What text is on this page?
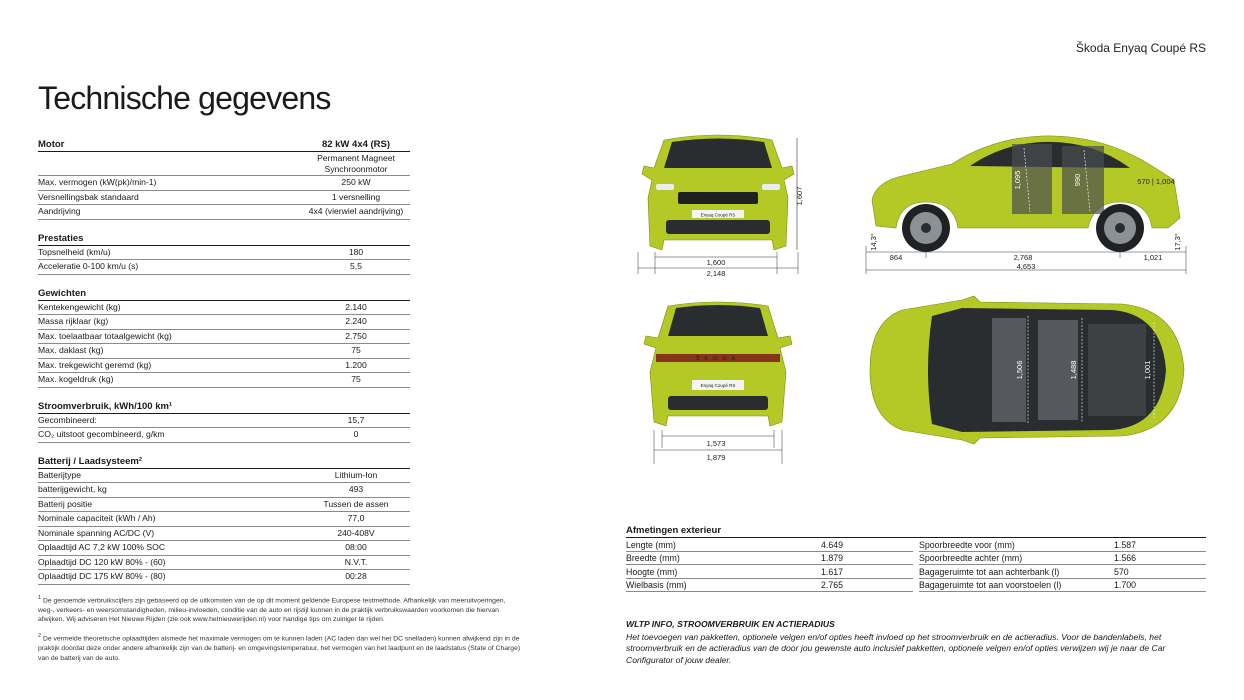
Škoda Enyaq Coupé RS
Technische gegevens
Motor	82 kW 4x4 (RS)
Permanent Magneet Synchroonmotor
Max. vermogen (kW(pk)/min-1)	250 kW
Versnellingsbak standaard	1 versnelling
Aandrijving	4x4 (vierwiel aandrijving)
Prestaties
Topsnelheid (km/u)	180
Acceleratie 0-100 km/u (s)	5,5
Gewichten
Kentekengewicht (kg)	2.140
Massa rijklaar (kg)	2.240
Max. toelaatbaar totaalgewicht (kg)	2.750
Max. daklast (kg)	75
Max. trekgewicht geremd (kg)	1.200
Max. kogeldruk (kg)	75
Stroomverbruik, kWh/100 km¹
Gecombineerd:	15,7
CO₂ uitstoot gecombineerd, g/km	0
Batterij / Laadsysteem²
Batterijtype	Lithium-Ion
batterijgewicht, kg	493
Batterij positie	Tussen de assen
Nominale capaciteit (kWh / Ah)	77,0
Nominale spanning AC/DC (V)	240-408V
Oplaadtijd AC 7,2 kW 100% SOC	08:00
Oplaadtijd DC 120 kW 80% - (60)	N.V.T.
Oplaadtijd DC 175 kW 80% - (80)	00:28

$^1$ De genoemde verbruikscijfers zijn gebaseerd op de uitkomsten van de op dit moment geldende Europese testmethode. Afhankelijk van meeruitvoeringen, weg-, verkeers- en weersomstandigheden, milieu-invloeden, conditie van de auto en rijstijl kunnen in de praktijk verbruikswaarden voorkomen die hiervan afwijken. Wij adviseren Het Nieuwe Rijden (zie ook www.hetnieuwerijden.nl) voor handige tips om zuiniger te rijden.

$^2$ De vermelde theoretische oplaadtijden alsmede het maximale vermogen om te kunnen laden (AC laden dan wel het DC snelladen) kunnen afwijkend zijn in de praktijk doordat deze onder andere afhankelijk zijn van de batterij- en omgevingstemperatuur, het vermogen van het laadpunt en de laadstatus (State of Charge) van de batterij van de auto.

Enyaq Coupé RS
1,607
1,600
2,148
1,095	990	570 | 1,004
14,3°	17,3°
864	2,768	1,021
4,653
ŠKODA
Enyaq Coupé RS
1,573
1,879
1,506	1,488	1,001
Afmetingen exterieur
Lengte (mm)	4.649
Breedte (mm)	1.879
Hoogte (mm)	1.617
Wielbasis (mm)	2.765
Spoorbreedte voor (mm)	1.587
Spoorbreedte achter (mm)	1.566
Bagageruimte tot aan achterbank (l)	570
Bagageruimte tot aan voorstoelen (l)	1.700
WLTP INFO, STROOMVERBRUIK EN ACTIERADIUS
Het toevoegen van pakketten, optionele velgen en/of opties heeft invloed op het stroomverbruik en de actieradius. Voor de bandenlabels, het stroomverbruik en de actieradius van de door jou gewenste auto inclusief pakketten, optionele velgen en/of opties verwijzen wij je naar de Car Configurator of jouw dealer.
